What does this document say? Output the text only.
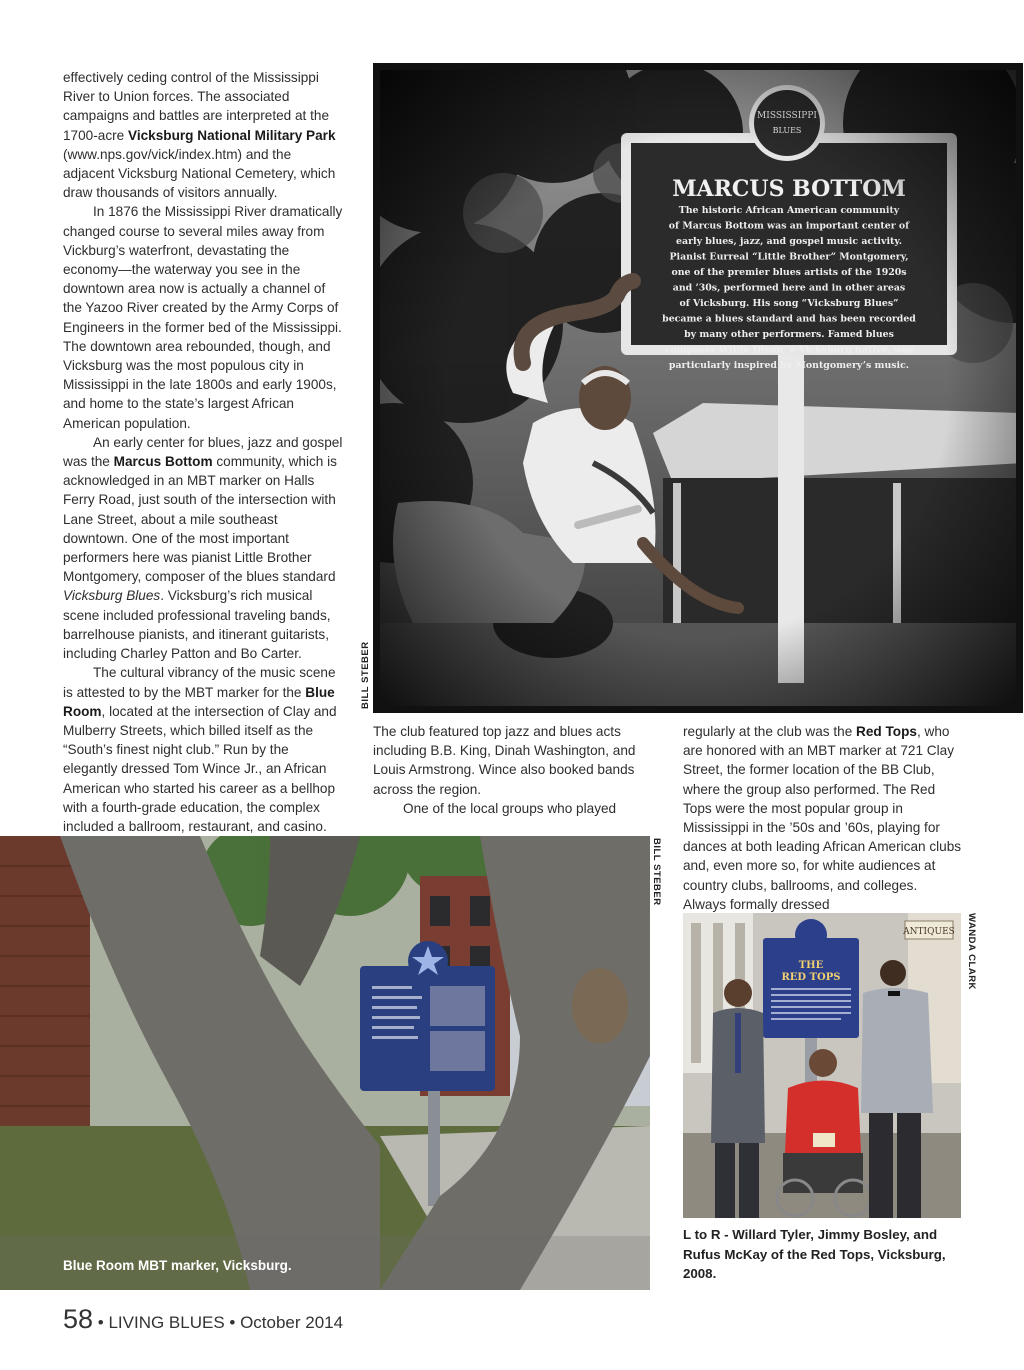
effectively ceding control of the Mississippi River to Union forces. The associated campaigns and battles are interpreted at the 1700-acre Vicksburg National Military Park (www.nps.gov/vick/index.htm) and the adjacent Vicksburg National Cemetery, which draw thousands of visitors annually.

In 1876 the Mississippi River dramatically changed course to several miles away from Vickburg’s waterfront, devastating the economy—the waterway you see in the downtown area now is actually a channel of the Yazoo River created by the Army Corps of Engineers in the former bed of the Mississippi. The downtown area rebounded, though, and Vicksburg was the most populous city in Mississippi in the late 1800s and early 1900s, and home to the state’s largest African American population.

An early center for blues, jazz and gospel was the Marcus Bottom community, which is acknowledged in an MBT marker on Halls Ferry Road, just south of the intersection with Lane Street, about a mile southeast downtown. One of the most important performers here was pianist Little Brother Montgomery, composer of the blues standard Vicksburg Blues. Vicksburg’s rich musical scene included professional traveling bands, barrelhouse pianists, and itinerant guitarists, including Charley Patton and Bo Carter.

The cultural vibrancy of the music scene is attested to by the MBT marker for the Blue Room, located at the intersection of Clay and Mulberry Streets, which billed itself as the “South’s finest night club.” Run by the elegantly dressed Tom Wince Jr., an African American who started his career as a bellhop with a fourth-grade education, the complex included a ballroom, restaurant, and casino.

BILL STEBER

The club featured top jazz and blues acts including B.B. King, Dinah Washington, and Louis Armstrong. Wince also booked bands across the region.

One of the local groups who played

regularly at the club was the Red Tops, who are honored with an MBT marker at 721 Clay Street, the former location of the BB Club, where the group also performed. The Red Tops were the most popular group in Mississippi in the ’50s and ’60s, playing for dances at both leading African American clubs and, even more so, for white audiences at country clubs, ballrooms, and colleges. Always formally dressed

BILL STEBER
Blue Room MBT marker, Vicksburg.
ANTIQUES
THE
RED TOPS	WANDA CLARK
L to R - Willard Tyler, Jimmy Bosley, and Rufus McKay of the Red Tops, Vicksburg, 2008.
58 • LIVING BLUES • October 2014
